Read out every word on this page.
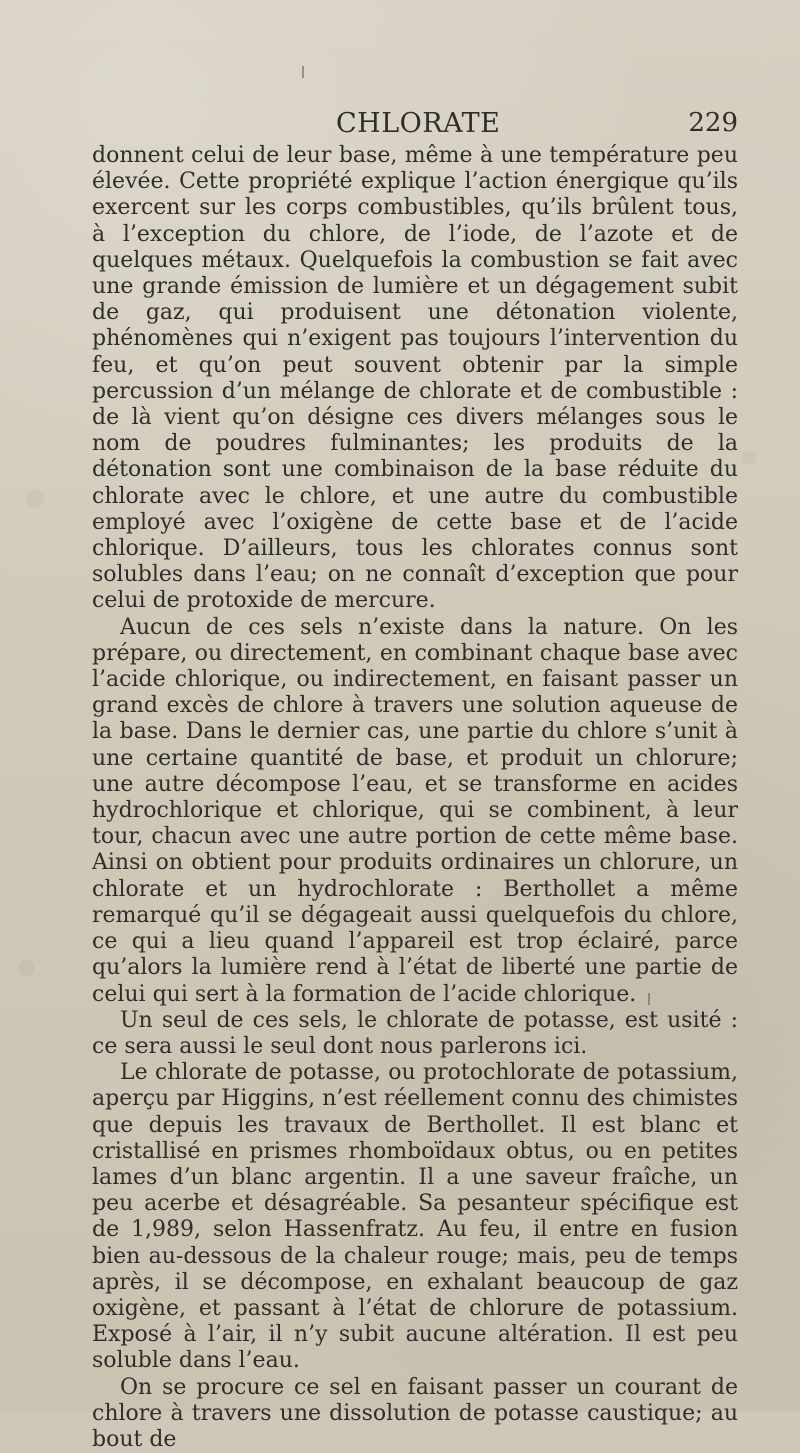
CHLORATE	229

donnent celui de leur base, même à une température peu élevée. Cette propriété explique l’action énergique qu’ils exercent sur les corps combustibles, qu’ils brûlent tous, à l’exception du chlore, de l’iode, de l’azote et de quelques métaux. Quelquefois la combustion se fait avec une grande émission de lumière et un dégagement subit de gaz, qui produisent une détonation violente, phénomènes qui n’exigent pas toujours l’intervention du feu, et qu’on peut souvent obtenir par la simple percussion d’un mélange de chlorate et de combustible : de là vient qu’on désigne ces divers mélanges sous le nom de poudres fulminantes; les produits de la détonation sont une combinaison de la base réduite du chlorate avec le chlore, et une autre du combustible employé avec l’oxigène de cette base et de l’acide chlorique. D’ailleurs, tous les chlorates connus sont solubles dans l’eau; on ne connaît d’exception que pour celui de protoxide de mercure.

Aucun de ces sels n’existe dans la nature. On les prépare, ou directement, en combinant chaque base avec l’acide chlorique, ou indirectement, en faisant passer un grand excès de chlore à travers une solution aqueuse de la base. Dans le dernier cas, une partie du chlore s’unit à une certaine quantité de base, et produit un chlorure; une autre décompose l’eau, et se transforme en acides hydrochlorique et chlorique, qui se combinent, à leur tour, chacun avec une autre portion de cette même base. Ainsi on obtient pour produits ordinaires un chlorure, un chlorate et un hydrochlorate : Berthollet a même remarqué qu’il se dégageait aussi quelquefois du chlore, ce qui a lieu quand l’appareil est trop éclairé, parce qu’alors la lumière rend à l’état de liberté une partie de celui qui sert à la formation de l’acide chlorique.

Un seul de ces sels, le chlorate de potasse, est usité : ce sera aussi le seul dont nous parlerons ici.

Le chlorate de potasse, ou protochlorate de potassium, aperçu par Higgins, n’est réellement connu des chimistes que depuis les travaux de Berthollet. Il est blanc et cristallisé en prismes rhomboïdaux obtus, ou en petites lames d’un blanc argentin. Il a une saveur fraîche, un peu acerbe et désagréable. Sa pesanteur spécifique est de 1,989, selon Hassenfratz. Au feu, il entre en fusion bien au-dessous de la chaleur rouge; mais, peu de temps après, il se décompose, en exhalant beaucoup de gaz oxigène, et passant à l’état de chlorure de potassium. Exposé à l’air, il n’y subit aucune altération. Il est peu soluble dans l’eau.

On se procure ce sel en faisant passer un courant de chlore à travers une dissolution de potasse caustique; au bout de
